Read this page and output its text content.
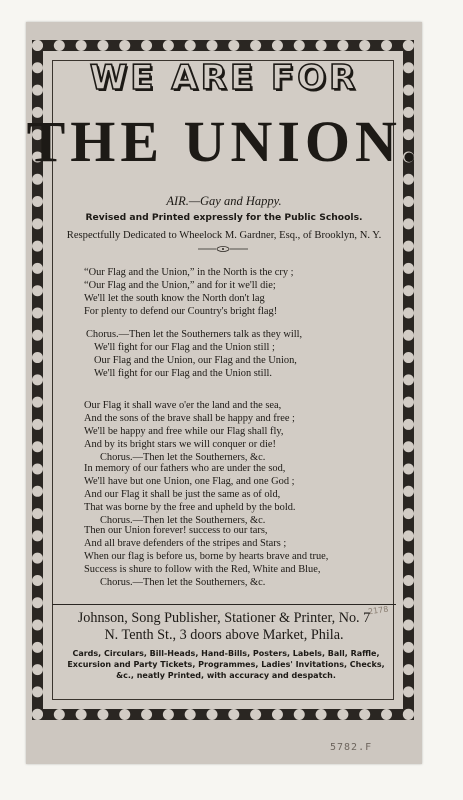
WE ARE FOR
THE UNION.
AIR.—Gay and Happy.
Revised and Printed expressly for the Public Schools.
Respectfully Dedicated to Wheelock M. Gardner, Esq., of Brooklyn, N. Y.
“Our Flag and the Union,” in the North is the cry ;
“Our Flag and the Union,” and for it we'll die;
We'll let the south know the North don't lag
For plenty to defend our Country's bright flag!
Chorus.—Then let the Southerners talk as they will,
We'll fight for our Flag and the Union still ;
Our Flag and the Union, our Flag and the Union,
We'll fight for our Flag and the Union still.
Our Flag it shall wave o'er the land and the sea,
And the sons of the brave shall be happy and free ;
We'll be happy and free while our Flag shall fly,
And by its bright stars we will conquer or die!
Chorus.—Then let the Southerners, &c.
In memory of our fathers who are under the sod,
We'll have but one Union, one Flag, and one God ;
And our Flag it shall be just the same as of old,
That was borne by the free and upheld by the bold.
Chorus.—Then let the Southerners, &c.
Then our Union forever! success to our tars,
And all brave defenders of the stripes and Stars ;
When our flag is before us, borne by hearts brave and true,
Success is shure to follow with the Red, White and Blue,
Chorus.—Then let the Southerners, &c.
2178
Johnson, Song Publisher, Stationer & Printer, No. 7
N. Tenth St., 3 doors above Market, Phila.
Cards, Circulars, Bill-Heads, Hand-Bills, Posters, Labels, Ball, Raffle, Excursion and Party Tickets, Programmes, Ladies' Invitations, Checks, &c., neatly Printed, with accuracy and despatch.
5782.F
